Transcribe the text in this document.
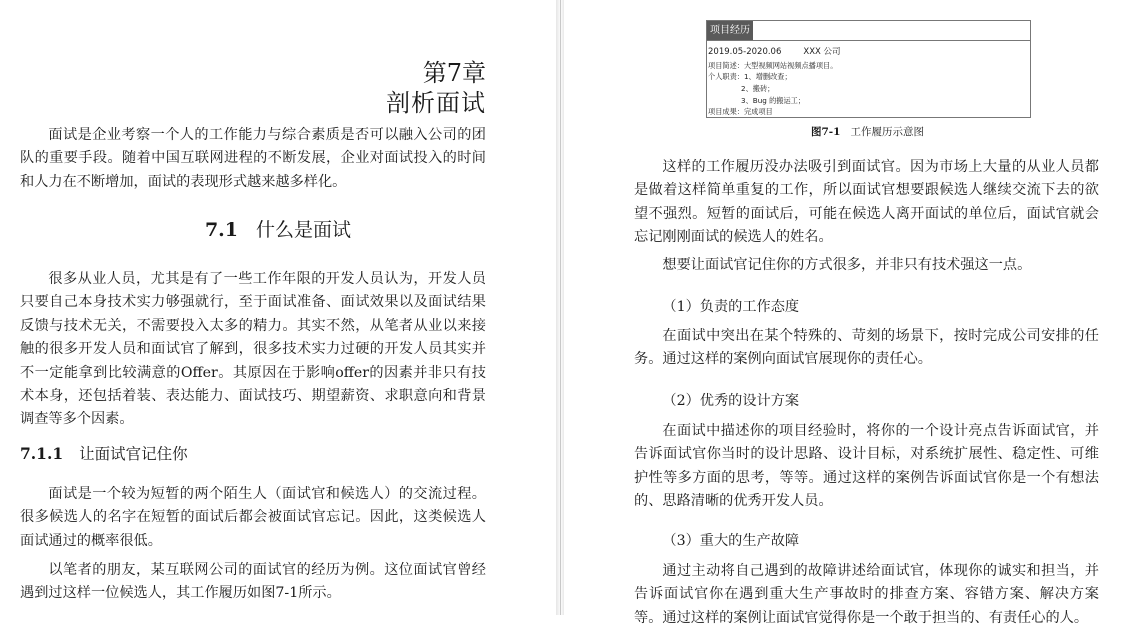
第7章
剖析面试

面试是企业考察一个人的工作能力与综合素质是否可以融入公司的团队的重要手段。随着中国互联网进程的不断发展，企业对面试投入的时间和人力在不断增加，面试的表现形式越来越多样化。

7.1 什么是面试

很多从业人员，尤其是有了一些工作年限的开发人员认为，开发人员只要自己本身技术实力够强就行，至于面试准备、面试效果以及面试结果反馈与技术无关，不需要投入太多的精力。其实不然，从笔者从业以来接触的很多开发人员和面试官了解到，很多技术实力过硬的开发人员其实并不一定能拿到比较满意的Offer。其原因在于影响offer的因素并非只有技术本身，还包括着装、表达能力、面试技巧、期望薪资、求职意向和背景调查等多个因素。

7.1.1 让面试官记住你

面试是一个较为短暂的两个陌生人（面试官和候选人）的交流过程。很多候选人的名字在短暂的面试后都会被面试官忘记。因此，这类候选人面试通过的概率很低。

以笔者的朋友，某互联网公司的面试官的经历为例。这位面试官曾经遇到过这样一位候选人，其工作履历如图7-1所示。

项目经历
2019.05-2020.06	XXX 公司
项目简述：大型视频网站视频点播项目。
个人职责：1、增删改查；
2、搬砖；
3、Bug 的搬运工；
项目成果：完成项目
图7-1 工作履历示意图

这样的工作履历没办法吸引到面试官。因为市场上大量的从业人员都是做着这样简单重复的工作，所以面试官想要跟候选人继续交流下去的欲望不强烈。短暂的面试后，可能在候选人离开面试的单位后，面试官就会忘记刚刚面试的候选人的姓名。

想要让面试官记住你的方式很多，并非只有技术强这一点。

（1）负责的工作态度

在面试中突出在某个特殊的、苛刻的场景下，按时完成公司安排的任务。通过这样的案例向面试官展现你的责任心。

（2）优秀的设计方案

在面试中描述你的项目经验时，将你的一个设计亮点告诉面试官，并告诉面试官你当时的设计思路、设计目标，对系统扩展性、稳定性、可维护性等多方面的思考，等等。通过这样的案例告诉面试官你是一个有想法的、思路清晰的优秀开发人员。

（3）重大的生产故障

通过主动将自己遇到的故障讲述给面试官，体现你的诚实和担当，并告诉面试官你在遇到重大生产事故时的排查方案、容错方案、解决方案等。通过这样的案例让面试官觉得你是一个敢于担当的、有责任心的人。
